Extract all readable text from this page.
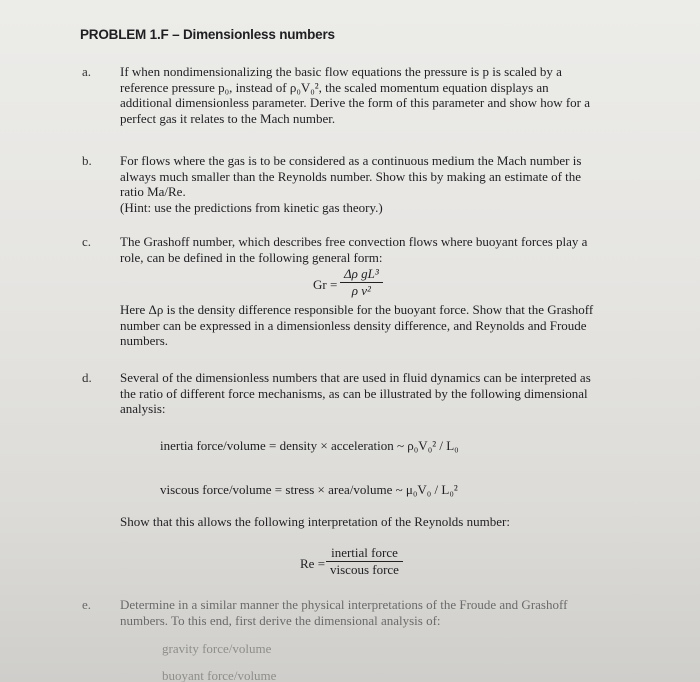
PROBLEM 1.F – Dimensionless numbers
a. If when nondimensionalizing the basic flow equations the pressure is p is scaled by a
reference pressure p₀, instead of ρ₀V₀², the scaled momentum equation displays an
additional dimensionless parameter. Derive the form of this parameter and show how for a
perfect gas it relates to the Mach number.
b. For flows where the gas is to be considered as a continuous medium the Mach number is
always much smaller than the Reynolds number. Show this by making an estimate of the
ratio Ma/Re.
(Hint: use the predictions from kinetic gas theory.)
c. The Grashoff number, which describes free convection flows where buoyant forces play a
role, can be defined in the following general form:
$Gr = \frac{\text{Δρ gL³}}{\text{ρ ν²}}$
Here Δρ is the density difference responsible for the buoyant force. Show that the Grashoff
number can be expressed in a dimensionless density difference, and Reynolds and Froude
numbers.
d. Several of the dimensionless numbers that are used in fluid dynamics can be interpreted as
the ratio of different force mechanisms, as can be illustrated by the following dimensional
analysis:
inertia force/volume = density × acceleration ~ ρ₀V₀² / L₀
viscous force/volume = stress × area/volume ~ μ₀V₀ / L₀²
Show that this allows the following interpretation of the Reynolds number:
Re =
inertial force
viscous force
e. Determine in a similar manner the physical interpretations of the Froude and Grashoff
numbers. To this end, first derive the dimensional analysis of:
gravity force/volume
buoyant force/volume
